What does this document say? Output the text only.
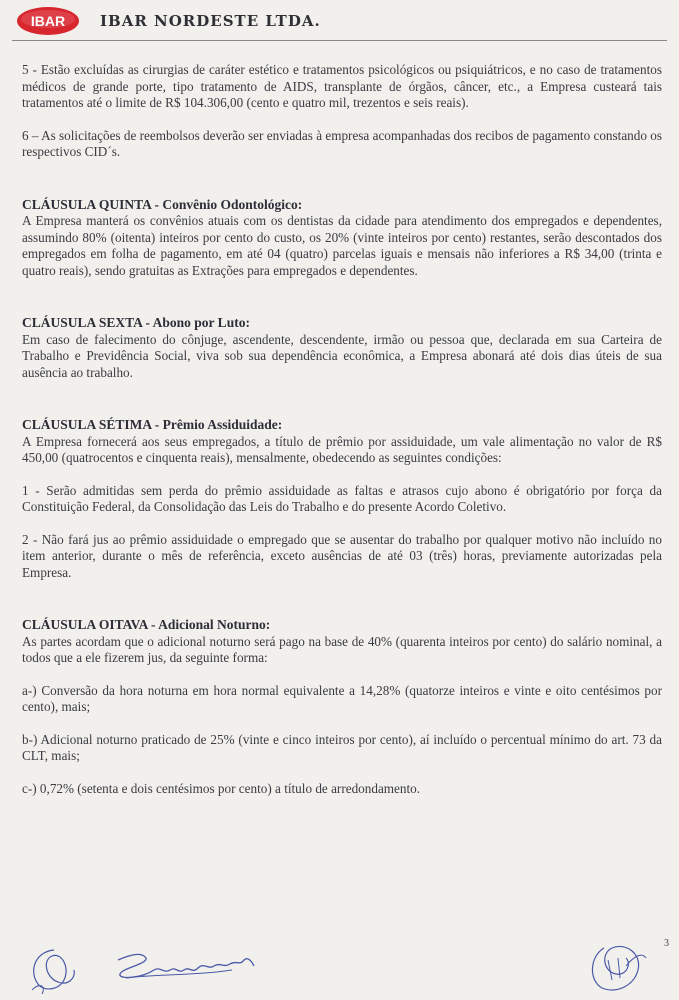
IBAR IBAR NORDESTE LTDA.

5 - Estão excluídas as cirurgias de caráter estético e tratamentos psicológicos ou psiquiátricos, e no caso de tratamentos médicos de grande porte, tipo tratamento de AIDS, transplante de órgãos, câncer, etc., a Empresa custeará tais tratamentos até o limite de R$ 104.306,00 (cento e quatro mil, trezentos e seis reais).

6 – As solicitações de reembolsos deverão ser enviadas à empresa acompanhadas dos recibos de pagamento constando os respectivos CID´s.

CLÁUSULA QUINTA - Convênio Odontológico:

A Empresa manterá os convênios atuais com os dentistas da cidade para atendimento dos empregados e dependentes, assumindo 80% (oitenta) inteiros por cento do custo, os 20% (vinte inteiros por cento) restantes, serão descontados dos empregados em folha de pagamento, em até 04 (quatro) parcelas iguais e mensais não inferiores a R$ 34,00 (trinta e quatro reais), sendo gratuitas as Extrações para empregados e dependentes.

CLÁUSULA SEXTA - Abono por Luto:

Em caso de falecimento do cônjuge, ascendente, descendente, irmão ou pessoa que, declarada em sua Carteira de Trabalho e Previdência Social, viva sob sua dependência econômica, a Empresa abonará até dois dias úteis de sua ausência ao trabalho.

CLÁUSULA SÉTIMA - Prêmio Assiduidade:

A Empresa fornecerá aos seus empregados, a título de prêmio por assiduidade, um vale alimentação no valor de R$ 450,00 (quatrocentos e cinquenta reais), mensalmente, obedecendo as seguintes condições:

1 - Serão admitidas sem perda do prêmio assiduidade as faltas e atrasos cujo abono é obrigatório por força da Constituição Federal, da Consolidação das Leis do Trabalho e do presente Acordo Coletivo.

2 - Não fará jus ao prêmio assiduidade o empregado que se ausentar do trabalho por qualquer motivo não incluído no item anterior, durante o mês de referência, exceto ausências de até 03 (três) horas, previamente autorizadas pela Empresa.

CLÁUSULA OITAVA - Adicional Noturno:

As partes acordam que o adicional noturno será pago na base de 40% (quarenta inteiros por cento) do salário nominal, a todos que a ele fizerem jus, da seguinte forma:

a-) Conversão da hora noturna em hora normal equivalente a 14,28% (quatorze inteiros e vinte e oito centésimos por cento), mais;

b-) Adicional noturno praticado de 25% (vinte e cinco inteiros por cento), aí incluído o percentual mínimo do art. 73 da CLT, mais;

c-) 0,72% (setenta e dois centésimos por cento) a título de arredondamento.

3
